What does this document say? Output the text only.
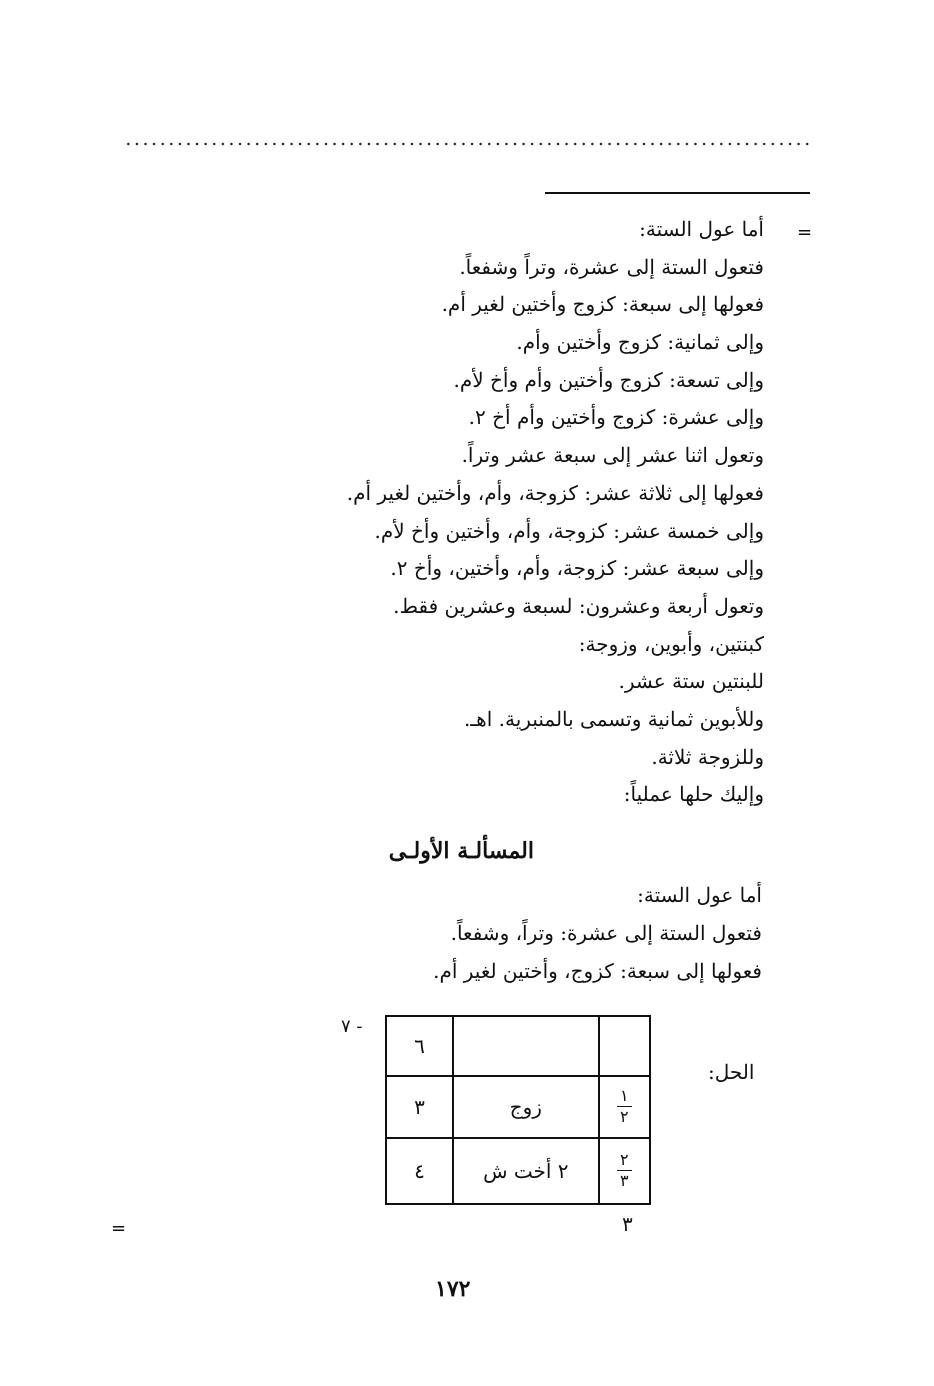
=
أما عول الستة:
فتعول الستة إلى عشرة، وتراً وشفعاً.
فعولها إلى سبعة: كزوج وأختين لغير أم.
وإلى ثمانية: كزوج وأختين وأم.
وإلى تسعة: كزوج وأختين وأم وأخ لأم.
وإلى عشرة: كزوج وأختين وأم أخ ٢.
وتعول اثنا عشر إلى سبعة عشر وتراً.
فعولها إلى ثلاثة عشر: كزوجة، وأم، وأختين لغير أم.
وإلى خمسة عشر: كزوجة، وأم، وأختين وأخ لأم.
وإلى سبعة عشر: كزوجة، وأم، وأختين، وأخ ٢.
وتعول أربعة وعشرون: لسبعة وعشرين فقط.
كبنتين، وأبوين، وزوجة:
للبنتين ستة عشر.
وللأبوين ثمانية وتسمى بالمنبرية. اهـ.
وللزوجة ثلاثة.
وإليك حلها عملياً:
المسألـة الأولـى
أما عول الستة:
فتعول الستة إلى عشرة: وتراً، وشفعاً.
فعولها إلى سبعة: كزوج، وأختين لغير أم.
الحل:
٧ -
٦		
٣	زوج	$\frac{١}{٢}$

٤	٢ أخت ش	$\frac{٢}{٣}$
٣
=
١٧٢
